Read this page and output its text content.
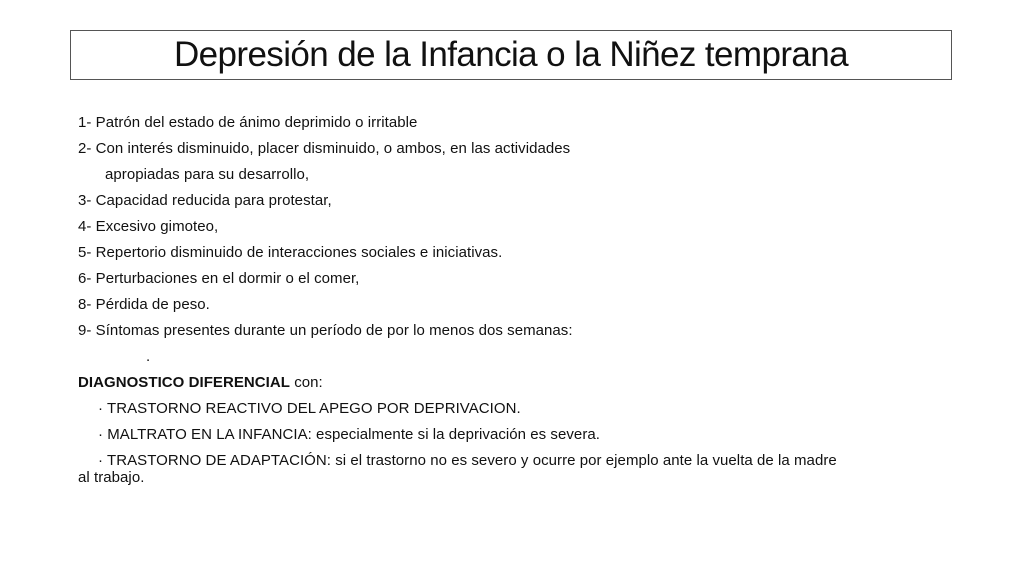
Depresión de la Infancia o la Niñez temprana
1- Patrón del estado de ánimo deprimido o irritable
2- Con interés disminuido, placer disminuido, o ambos, en las actividades
apropiadas para su desarrollo,
3- Capacidad reducida para protestar,
4- Excesivo gimoteo,
5- Repertorio disminuido de interacciones sociales e iniciativas.
6- Perturbaciones en el dormir o el comer,
8- Pérdida de peso.
9- Síntomas presentes durante un período de por lo menos dos semanas:
.
DIAGNOSTICO DIFERENCIAL con:
· TRASTORNO REACTIVO DEL APEGO POR DEPRIVACION.
· MALTRATO EN LA INFANCIA: especialmente si la deprivación es severa.
· TRASTORNO DE ADAPTACIÓN: si el trastorno no es severo y ocurre por ejemplo ante la vuelta de la madre
al trabajo.
